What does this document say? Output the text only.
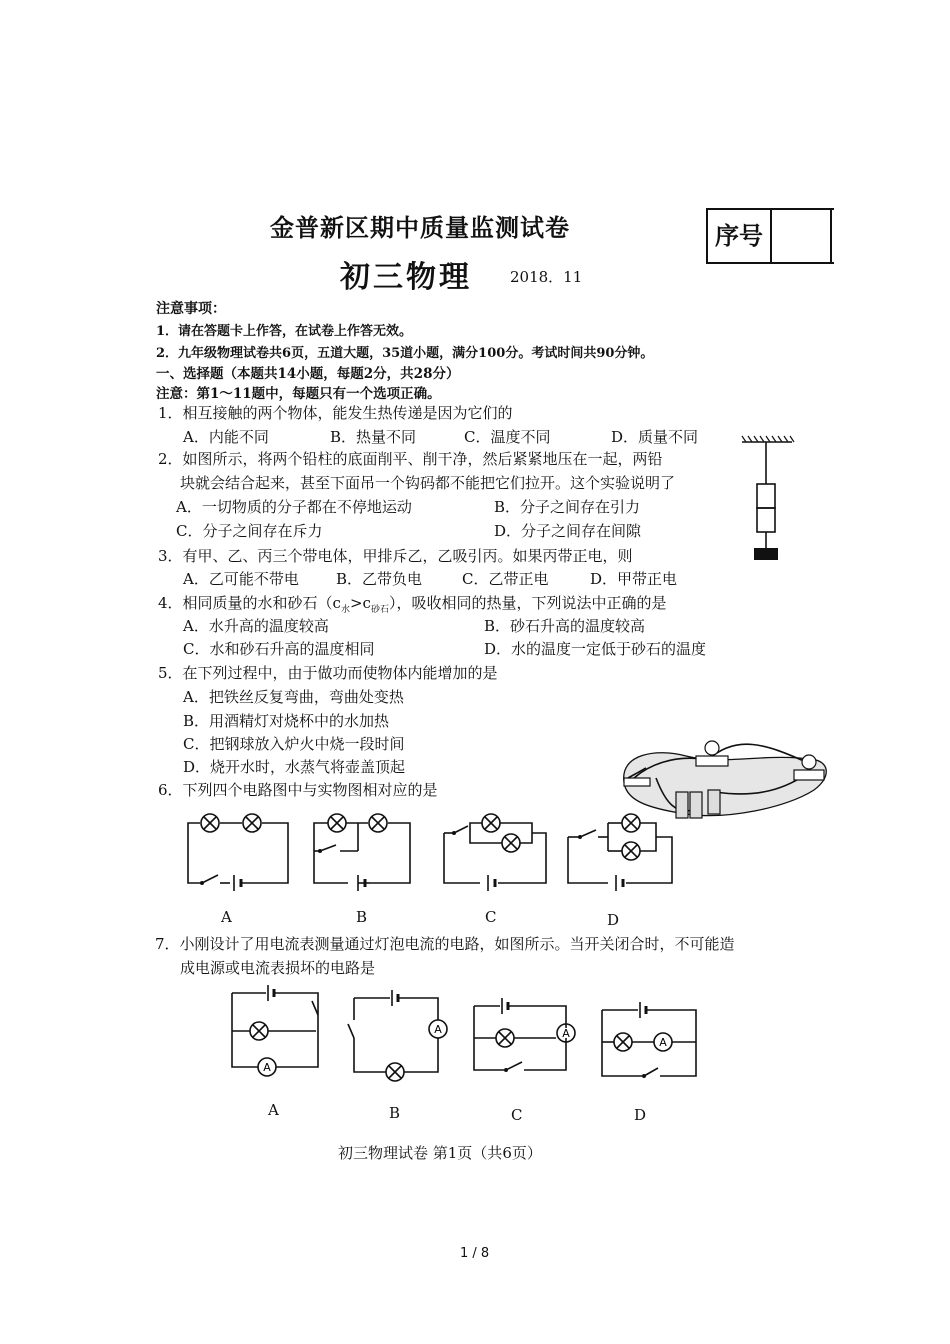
金普新区期中质量监测试卷
初三物理	2018．11
序号
注意事项：
1．请在答题卡上作答，在试卷上作答无效。
2．九年级物理试卷共6页，五道大题，35道小题，满分100分。考试时间共90分钟。
一、选择题（本题共14小题，每题2分，共28分）
注意：第1～11题中，每题只有一个选项正确。
1．相互接触的两个物体，能发生热传递是因为它们的
A．内能不同	B．热量不同	C．温度不同	D．质量不同
2．如图所示，将两个铅柱的底面削平、削干净，然后紧紧地压在一起，两铅
块就会结合起来，甚至下面吊一个钩码都不能把它们拉开。这个实验说明了
A．一切物质的分子都在不停地运动	B．分子之间存在引力
C．分子之间存在斥力	D．分子之间存在间隙
3．有甲、乙、丙三个带电体，甲排斥乙，乙吸引丙。如果丙带正电，则
A．乙可能不带电 B．乙带负电	C．乙带正电	D．甲带正电
4．相同质量的水和砂石$(c_水>c_{砂石})$，吸收相同的热量，下列说法中正确的是
A．水升高的温度较高	B．砂石升高的温度较高
C．水和砂石升高的温度相同	D．水的温度一定低于砂石的温度
5．在下列过程中，由于做功而使物体内能增加的是
A．把铁丝反复弯曲，弯曲处变热
B．用酒精灯对烧杯中的水加热
C．把钢球放入炉火中烧一段时间
D．烧开水时，水蒸气将壶盖顶起
6．下列四个电路图中与实物图相对应的是
A	B	C	D
7．小刚设计了用电流表测量通过灯泡电流的电路，如图所示。当开关闭合时，不可能造
成电源或电流表损坏的电路是
A
A
A
B
A
C
A
D
初三物理试卷 第1页（共6页）
1 / 8
